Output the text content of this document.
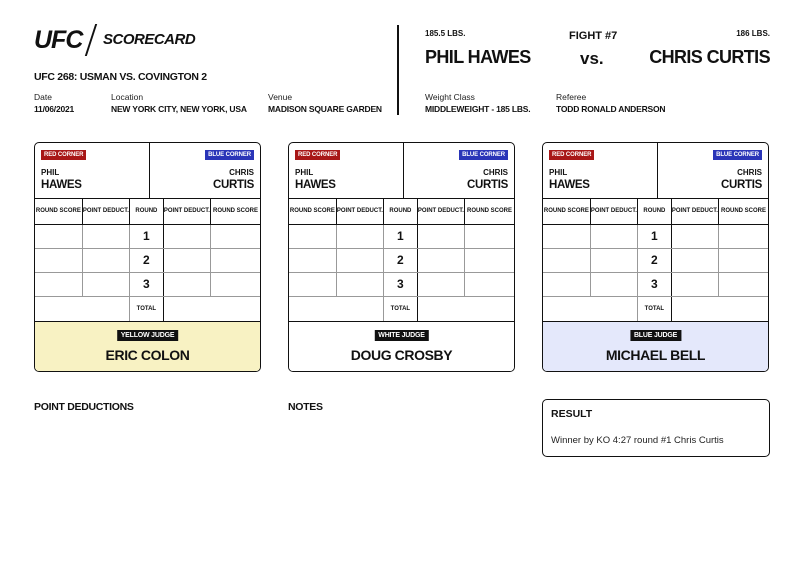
UFC SCORECARD
UFC 268: USMAN VS. COVINGTON 2
Date
11/06/2021
Location
NEW YORK CITY, NEW YORK, USA
Venue
MADISON SQUARE GARDEN
185.5 LBS.	FIGHT #7	186 LBS.
PHIL HAWES	vs.	CHRIS CURTIS
Weight Class
MIDDLEWEIGHT - 185 LBS.
Referee
TODD RONALD ANDERSON
RED CORNER	BLUE CORNER
PHIL
HAWES
CHRIS
CURTIS
ROUND SCORE	POINT DEDUCT.	ROUND	POINT DEDUCT.	ROUND SCORE
		1		
		2		
		3		
		TOTAL		
YELLOW JUDGE
ERIC COLON
RED CORNER	BLUE CORNER
PHIL
HAWES
CHRIS
CURTIS
ROUND SCORE	POINT DEDUCT.	ROUND	POINT DEDUCT.	ROUND SCORE
		1		
		2		
		3		
		TOTAL		
WHITE JUDGE
DOUG CROSBY
RED CORNER	BLUE CORNER
PHIL
HAWES
CHRIS
CURTIS
ROUND SCORE	POINT DEDUCT.	ROUND	POINT DEDUCT.	ROUND SCORE
		1		
		2		
		3		
		TOTAL		
BLUE JUDGE
MICHAEL BELL
POINT DEDUCTIONS	NOTES
RESULT
Winner by KO 4:27 round #1 Chris Curtis
